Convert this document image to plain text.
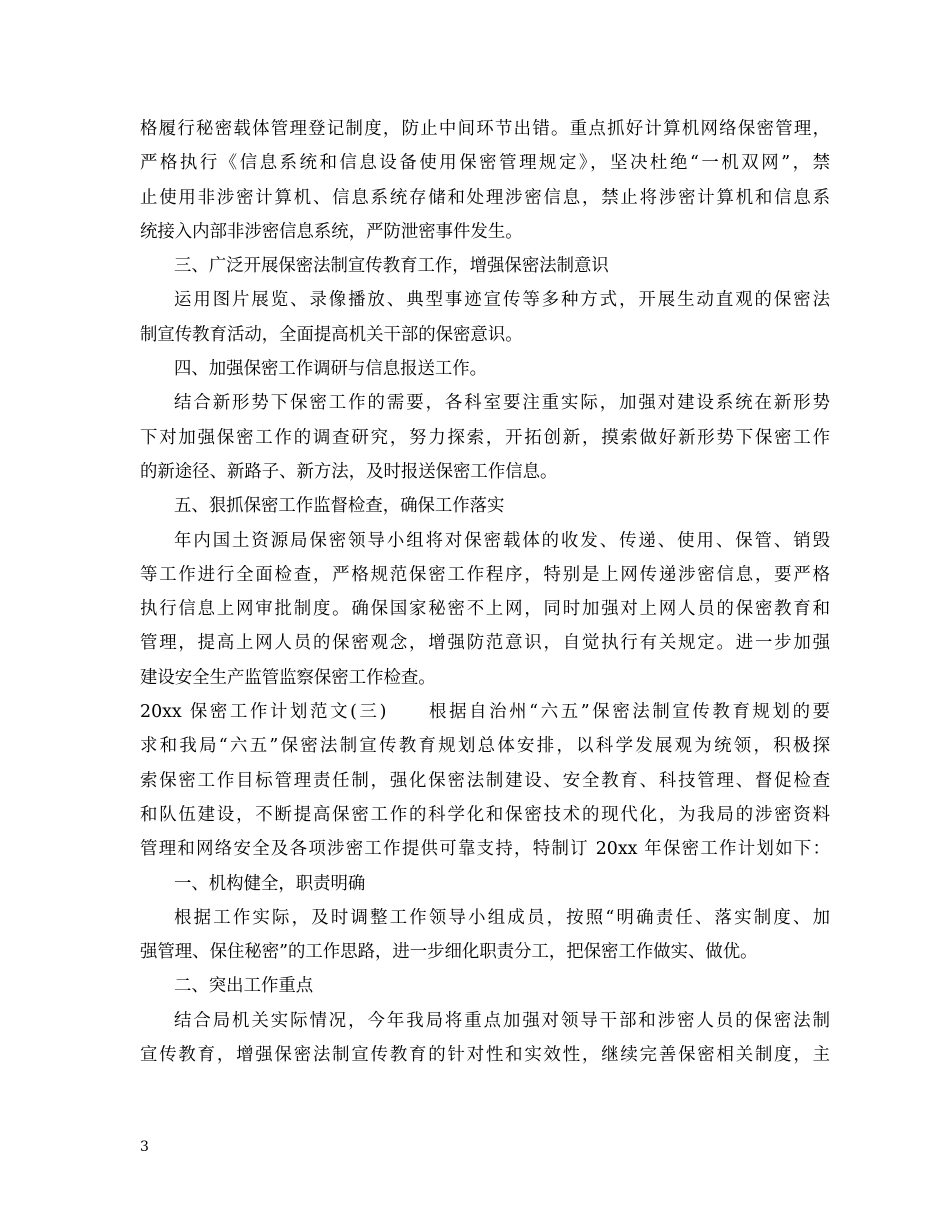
格履行秘密载体管理登记制度，防止中间环节出错。重点抓好计算机网络保密管理，
严格执行《信息系统和信息设备使用保密管理规定》，坚决杜绝“一机双网”，禁
止使用非涉密计算机、信息系统存储和处理涉密信息，禁止将涉密计算机和信息系
统接入内部非涉密信息系统，严防泄密事件发生。
三、广泛开展保密法制宣传教育工作，增强保密法制意识
运用图片展览、录像播放、典型事迹宣传等多种方式，开展生动直观的保密法
制宣传教育活动，全面提高机关干部的保密意识。
四、加强保密工作调研与信息报送工作。
结合新形势下保密工作的需要，各科室要注重实际，加强对建设系统在新形势
下对加强保密工作的调查研究，努力探索，开拓创新，摸索做好新形势下保密工作
的新途径、新路子、新方法，及时报送保密工作信息。
五、狠抓保密工作监督检查，确保工作落实
年内国土资源局保密领导小组将对保密载体的收发、传递、使用、保管、销毁
等工作进行全面检查，严格规范保密工作程序，特别是上网传递涉密信息，要严格
执行信息上网审批制度。确保国家秘密不上网，同时加强对上网人员的保密教育和
管理，提高上网人员的保密观念，增强防范意识，自觉执行有关规定。进一步加强
建设安全生产监管监察保密工作检查。
20xx 保密工作计划范文(三)　　根据自治州“六五”保密法制宣传教育规划的要
求和我局“六五”保密法制宣传教育规划总体安排，以科学发展观为统领，积极探
索保密工作目标管理责任制，强化保密法制建设、安全教育、科技管理、督促检查
和队伍建设，不断提高保密工作的科学化和保密技术的现代化，为我局的涉密资料
管理和网络安全及各项涉密工作提供可靠支持，特制订 20xx 年保密工作计划如下：
一、机构健全，职责明确
根据工作实际，及时调整工作领导小组成员，按照“明确责任、落实制度、加
强管理、保住秘密”的工作思路，进一步细化职责分工，把保密工作做实、做优。
二、突出工作重点
结合局机关实际情况，今年我局将重点加强对领导干部和涉密人员的保密法制
宣传教育，增强保密法制宣传教育的针对性和实效性，继续完善保密相关制度，主
3
